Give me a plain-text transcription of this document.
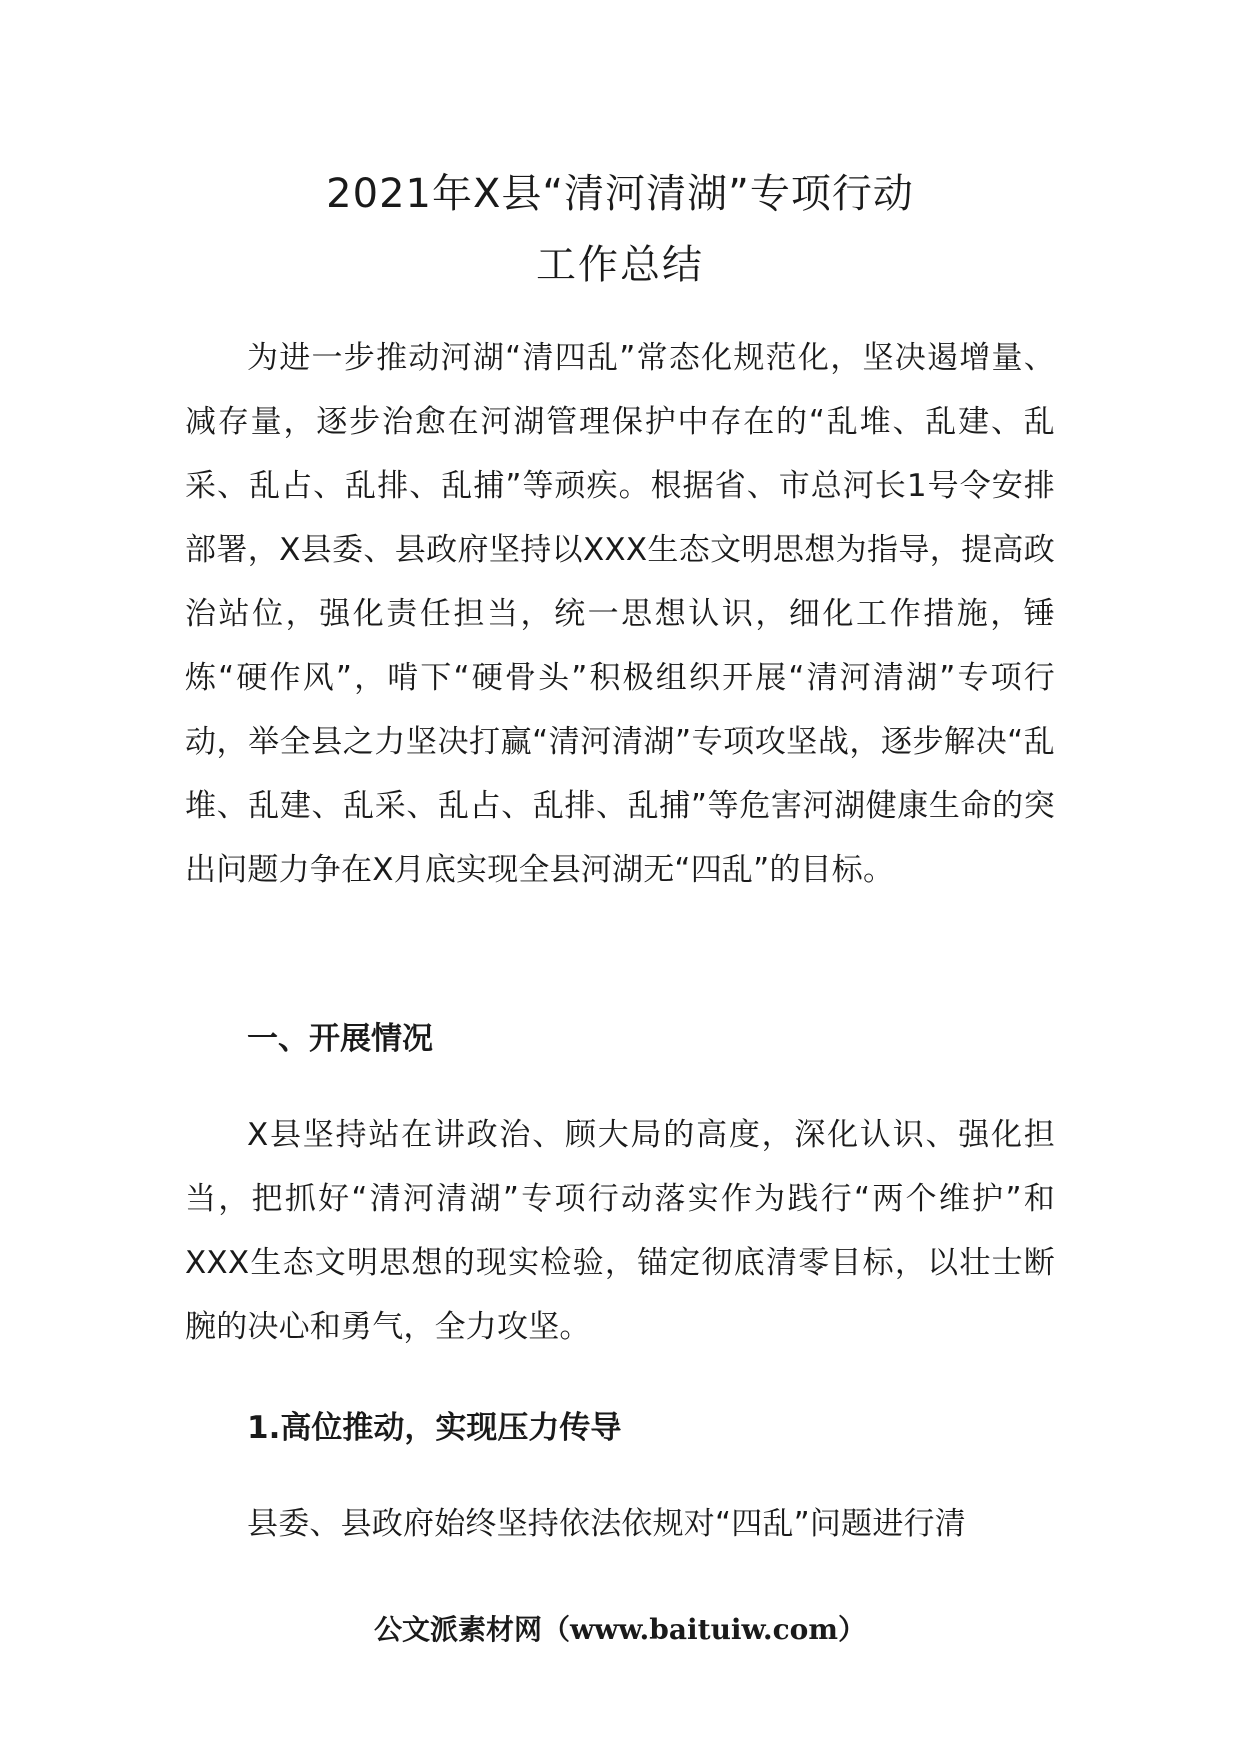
2021年X县“清河清湖”专项行动
工作总结

为进一步推动河湖“清四乱”常态化规范化，坚决遏增量、减存量，逐步治愈在河湖管理保护中存在的“乱堆、乱建、乱采、乱占、乱排、乱捕”等顽疾。根据省、市总河长1号令安排部署，X县委、县政府坚持以XXX生态文明思想为指导，提高政治站位，强化责任担当，统一思想认识，细化工作措施，锤炼“硬作风”，啃下“硬骨头”积极组织开展“清河清湖”专项行动，举全县之力坚决打赢“清河清湖”专项攻坚战，逐步解决“乱堆、乱建、乱采、乱占、乱排、乱捕”等危害河湖健康生命的突出问题力争在X月底实现全县河湖无“四乱”的目标。

一、开展情况

X县坚持站在讲政治、顾大局的高度，深化认识、强化担当，把抓好“清河清湖”专项行动落实作为践行“两个维护”和XXX生态文明思想的现实检验，锚定彻底清零目标，以壮士断腕的决心和勇气，全力攻坚。

1.高位推动，实现压力传导

县委、县政府始终坚持依法依规对“四乱”问题进行清

公文派素材网（www.baituiw.com）
